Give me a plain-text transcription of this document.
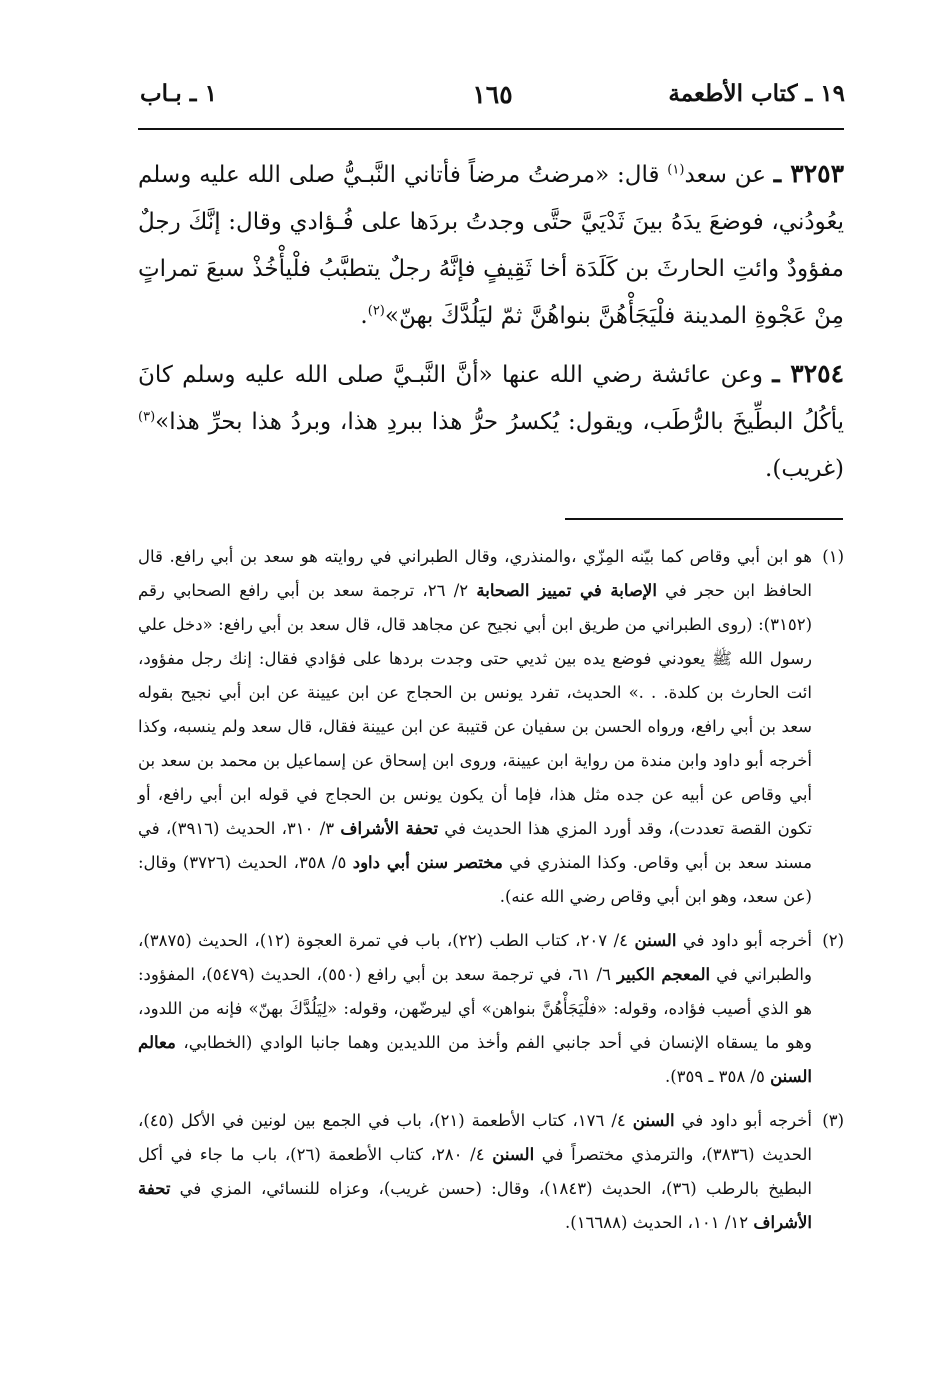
١٩ ـ كتاب الأطعمة
١٦٥
١ ـ بـاب

٣٢٥٣ ـ عن سعد$^{(١)}$ قال: «مرضتُ مرضاً فأتاني النَّبـيُّ صلى الله عليه وسلم يعُودُني، فوضعَ يدَهُ بينَ ثَدْيَيَّ حتَّى وجدتُ بردَها على فُـؤادي وقال: إنَّكَ رجلٌ مفؤودٌ وائتِ الحارثَ بن كَلَدَة أخا ثَقِيفٍ فإنَّهُ رجلٌ يتطبَّبُ فلْيأْخُذْ سبعَ تمراتٍ مِنْ عَجْوةِ المدينة فلْيَجَأْهُنَّ بنواهُنَّ ثمّ ليَلُدَّكَ بهنّ»$^{(٢)}$.

٣٢٥٤ ـ وعن عائشة رضي الله عنها «أنَّ النَّبـيَّ صلى الله عليه وسلم كانَ يأكُلُ البطِّيخَ بالرُّطَب، ويقول: يُكسرُ حرُّ هذا ببردِ هذا، وبردُ هذا بحرِّ هذا»$^{(٣)}$ (غريب).

(١)
هو ابن أبي وقاص كما بيّنه المِزّي ،والمنذري، وقال الطبراني في روايته هو سعد بن أبي رافع. قال الحافظ ابن حجر في الإصابة في تمييز الصحابة ٢/ ٢٦، ترجمة سعد بن أبي رافع الصحابي رقم (٣١٥٢): (روى الطبراني من طريق ابن أبي نجيح عن مجاهد قال، قال سعد بن أبي رافع: «دخل علي رسول الله ﷺ يعودني فوضع يده بين ثديي حتى وجدت بردها على فؤادي فقال: إنك رجل مفؤود، ائت الحارث بن كلدة. . .» الحديث، تفرد يونس بن الحجاج عن ابن عيينة عن ابن أبي نجيح بقوله سعد بن أبي رافع، ورواه الحسن بن سفيان عن قتيبة عن ابن عيينة فقال، قال سعد ولم ينسبه، وكذا أخرجه أبو داود وابن مندة من رواية ابن عيينة، وروى ابن إسحاق عن إسماعيل بن محمد بن سعد بن أبي وقاص عن أبيه عن جده مثل هذا، فإما أن يكون يونس بن الحجاج في قوله ابن أبي رافع، أو تكون القصة تعددت)، وقد أورد المزي هذا الحديث في تحفة الأشراف ٣/ ٣١٠، الحديث (٣٩١٦)، في مسند سعد بن أبي وقاص. وكذا المنذري في مختصر سنن أبي داود ٥/ ٣٥٨، الحديث (٣٧٢٦) وقال: (عن سعد، وهو ابن أبي وقاص رضي الله عنه).

(٢)
أخرجه أبو داود في السنن ٤/ ٢٠٧، كتاب الطب (٢٢)، باب في تمرة العجوة (١٢)، الحديث (٣٨٧٥)، والطبراني في المعجم الكبير ٦/ ٦١، في ترجمة سعد بن أبي رافع (٥٥٠)، الحديث (٥٤٧٩)، المفؤود: هو الذي أصيب فؤاده، وقوله: «فلْيَجَأْهُنَّ بنواهن» أي ليرضّهن، وقوله: «لِيَلُدَّكَ بهنّ» فإنه من اللدود، وهو ما يسقاه الإنسان في أحد جانبي الفم وأخذ من اللديدين وهما جانبا الوادي (الخطابي، معالم السنن ٥/ ٣٥٨ ـ ٣٥٩).

(٣)
أخرجه أبو داود في السنن ٤/ ١٧٦، كتاب الأطعمة (٢١)، باب في الجمع بين لونين في الأكل (٤٥)، الحديث (٣٨٣٦)، والترمذي مختصراً في السنن ٤/ ٢٨٠، كتاب الأطعمة (٢٦)، باب ما جاء في أكل البطيخ بالرطب (٣٦)، الحديث (١٨٤٣)، وقال: (حسن غريب)، وعزاه للنسائي، المزي في تحفة الأشراف ١٢/ ١٠١، الحديث (١٦٦٨٨).
